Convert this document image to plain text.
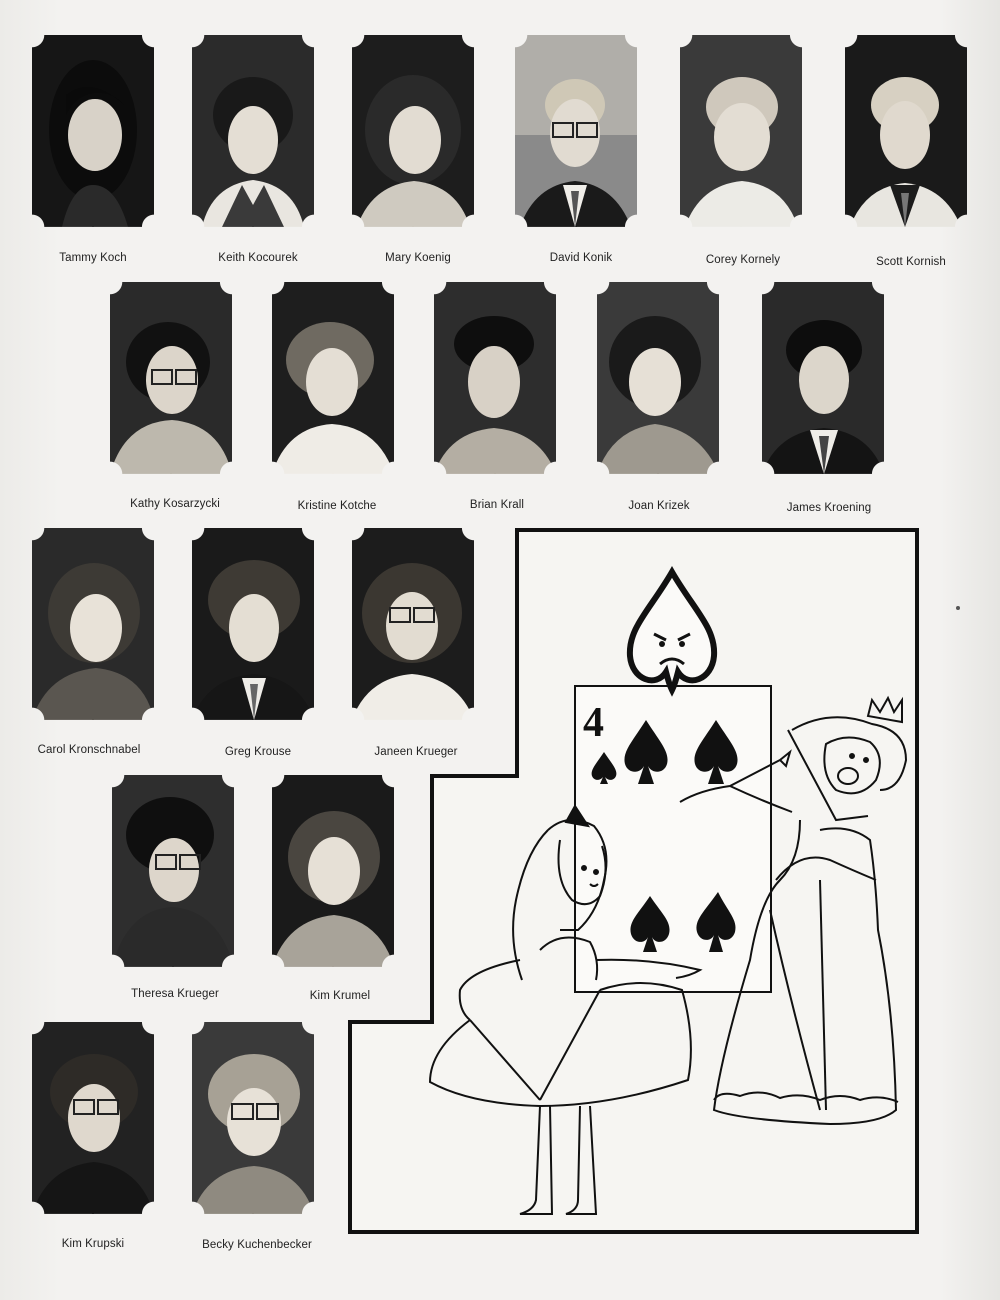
Tammy Koch	Keith Kocourek	Mary Koenig	David Konik	Corey Kornely	Scott Kornish
Kathy Kosarzycki	Kristine Kotche	Brian Krall	Joan Krizek	James Kroening
Carol Kronschnabel	Greg Krouse	Janeen Krueger
Theresa Krueger	Kim Krumel
Kim Krupski	Becky Kuchenbecker
4
